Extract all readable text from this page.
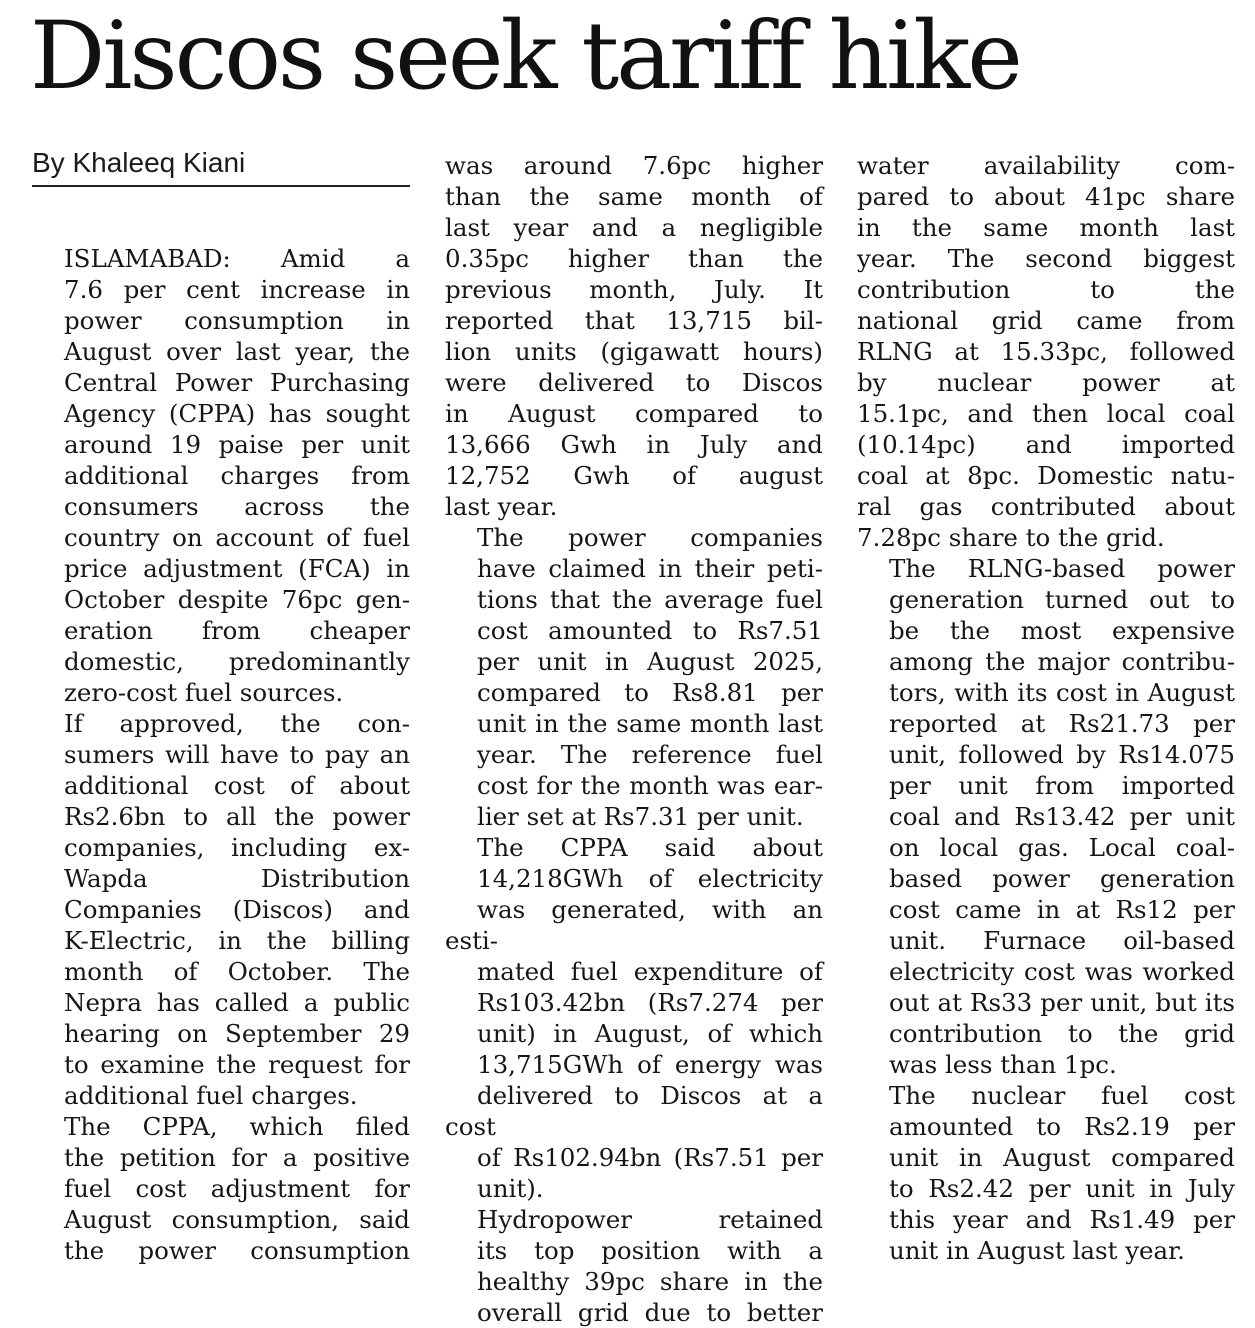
Discos seek tariff hike
By Khaleeq Kiani

ISLAMABAD: Amid a
7.6 per cent increase in
power consumption in
August over last year, the
Central Power Purchasing
Agency (CPPA) has sought
around 19 paise per unit
additional charges from
consumers across the
country on account of fuel
price adjustment (FCA) in
October despite 76pc gen-
eration from cheaper
domestic, predominantly
zero-cost fuel sources.

If approved, the con-
sumers will have to pay an
additional cost of about
Rs2.6bn to all the power
companies, including ex-
Wapda Distribution
Companies (Discos) and
K-Electric, in the billing
month of October. The
Nepra has called a public
hearing on September 29
to examine the request for
additional fuel charges.

The CPPA, which filed
the petition for a positive
fuel cost adjustment for
August consumption, said
the power consumption

was around 7.6pc higher
than the same month of
last year and a negligible
0.35pc higher than the
previous month, July. It
reported that 13,715 bil-
lion units (gigawatt hours)
were delivered to Discos
in August compared to
13,666 Gwh in July and
12,752 Gwh of august
last year.

The power companies
have claimed in their peti-
tions that the average fuel
cost amounted to Rs7.51
per unit in August 2025,
compared to Rs8.81 per
unit in the same month last
year. The reference fuel
cost for the month was ear-
lier set at Rs7.31 per unit.

The CPPA said about
14,218GWh of electricity
was generated, with an esti-
mated fuel expenditure of
Rs103.42bn (Rs7.274 per
unit) in August, of which
13,715GWh of energy was
delivered to Discos at a cost
of Rs102.94bn (Rs7.51 per
unit).

Hydropower retained
its top position with a
healthy 39pc share in the
overall grid due to better

water availability com-
pared to about 41pc share
in the same month last
year. The second biggest
contribution to the
national grid came from
RLNG at 15.33pc, followed
by nuclear power at
15.1pc, and then local coal
(10.14pc) and imported
coal at 8pc. Domestic natu-
ral gas contributed about
7.28pc share to the grid.

The RLNG-based power
generation turned out to
be the most expensive
among the major contribu-
tors, with its cost in August
reported at Rs21.73 per
unit, followed by Rs14.075
per unit from imported
coal and Rs13.42 per unit
on local gas. Local coal-
based power generation
cost came in at Rs12 per
unit. Furnace oil-based
electricity cost was worked
out at Rs33 per unit, but its
contribution to the grid
was less than 1pc.

The nuclear fuel cost
amounted to Rs2.19 per
unit in August compared
to Rs2.42 per unit in July
this year and Rs1.49 per
unit in August last year.
